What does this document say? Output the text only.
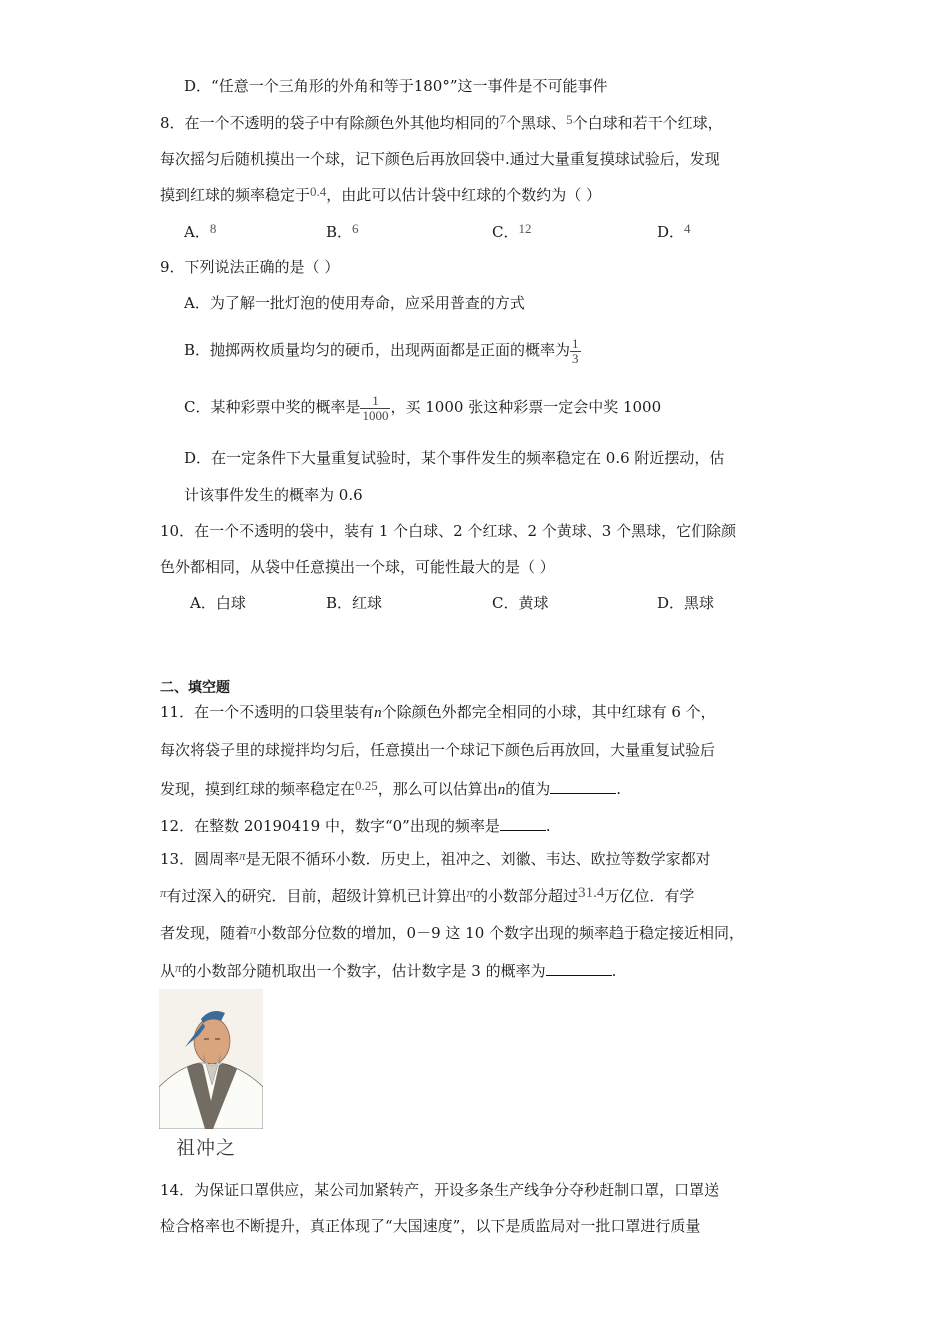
D．“任意一个三角形的外角和等于180°”这一事件是不可能事件
8．在一个不透明的袋子中有除颜色外其他均相同的7个黑球、5个白球和若干个红球，
每次摇匀后随机摸出一个球，记下颜色后再放回袋中.通过大量重复摸球试验后，发现
摸到红球的频率稳定于0.4，由此可以估计袋中红球的个数约为（ ）
A．8	B．6	C．12	D．4
9．下列说法正确的是（ ）
A．为了解一批灯泡的使用寿命，应采用普查的方式
B．抛掷两枚质量均匀的硬币，出现两面都是正面的概率为 $\frac{1}{3}$
C．某种彩票中奖的概率是 $\frac{1}{1000}$ ，买 1000 张这种彩票一定会中奖 1000
D．在一定条件下大量重复试验时，某个事件发生的频率稳定在 0.6 附近摆动，估
计该事件发生的概率为 0.6
10．在一个不透明的袋中，装有 1 个白球、2 个红球、2 个黄球、3 个黑球，它们除颜
色外都相同，从袋中任意摸出一个球，可能性最大的是（ ）
A．白球	B．红球	C．黄球	D．黑球
二、填空题
11．在一个不透明的口袋里装有n个除颜色外都完全相同的小球，其中红球有 6 个，
每次将袋子里的球搅拌均匀后，任意摸出一个球记下颜色后再放回，大量重复试验后
发现，摸到红球的频率稳定在0.25，那么可以估算出n的值为	.
12．在整数 20190419 中，数字“0”出现的频率是	.
13．圆周率π是无限不循环小数．历史上，祖冲之、刘徽、韦达、欧拉等数学家都对
π有过深入的研究．目前，超级计算机已计算出π的小数部分超过31.4万亿位．有学
者发现，随着π小数部分位数的增加，0－9 这 10 个数字出现的频率趋于稳定接近相同，
从π的小数部分随机取出一个数字，估计数字是 3 的概率为	.
祖冲之
14．为保证口罩供应，某公司加紧转产，开设多条生产线争分夺秒赶制口罩，口罩送
检合格率也不断提升，真正体现了“大国速度”，以下是质监局对一批口罩进行质量
